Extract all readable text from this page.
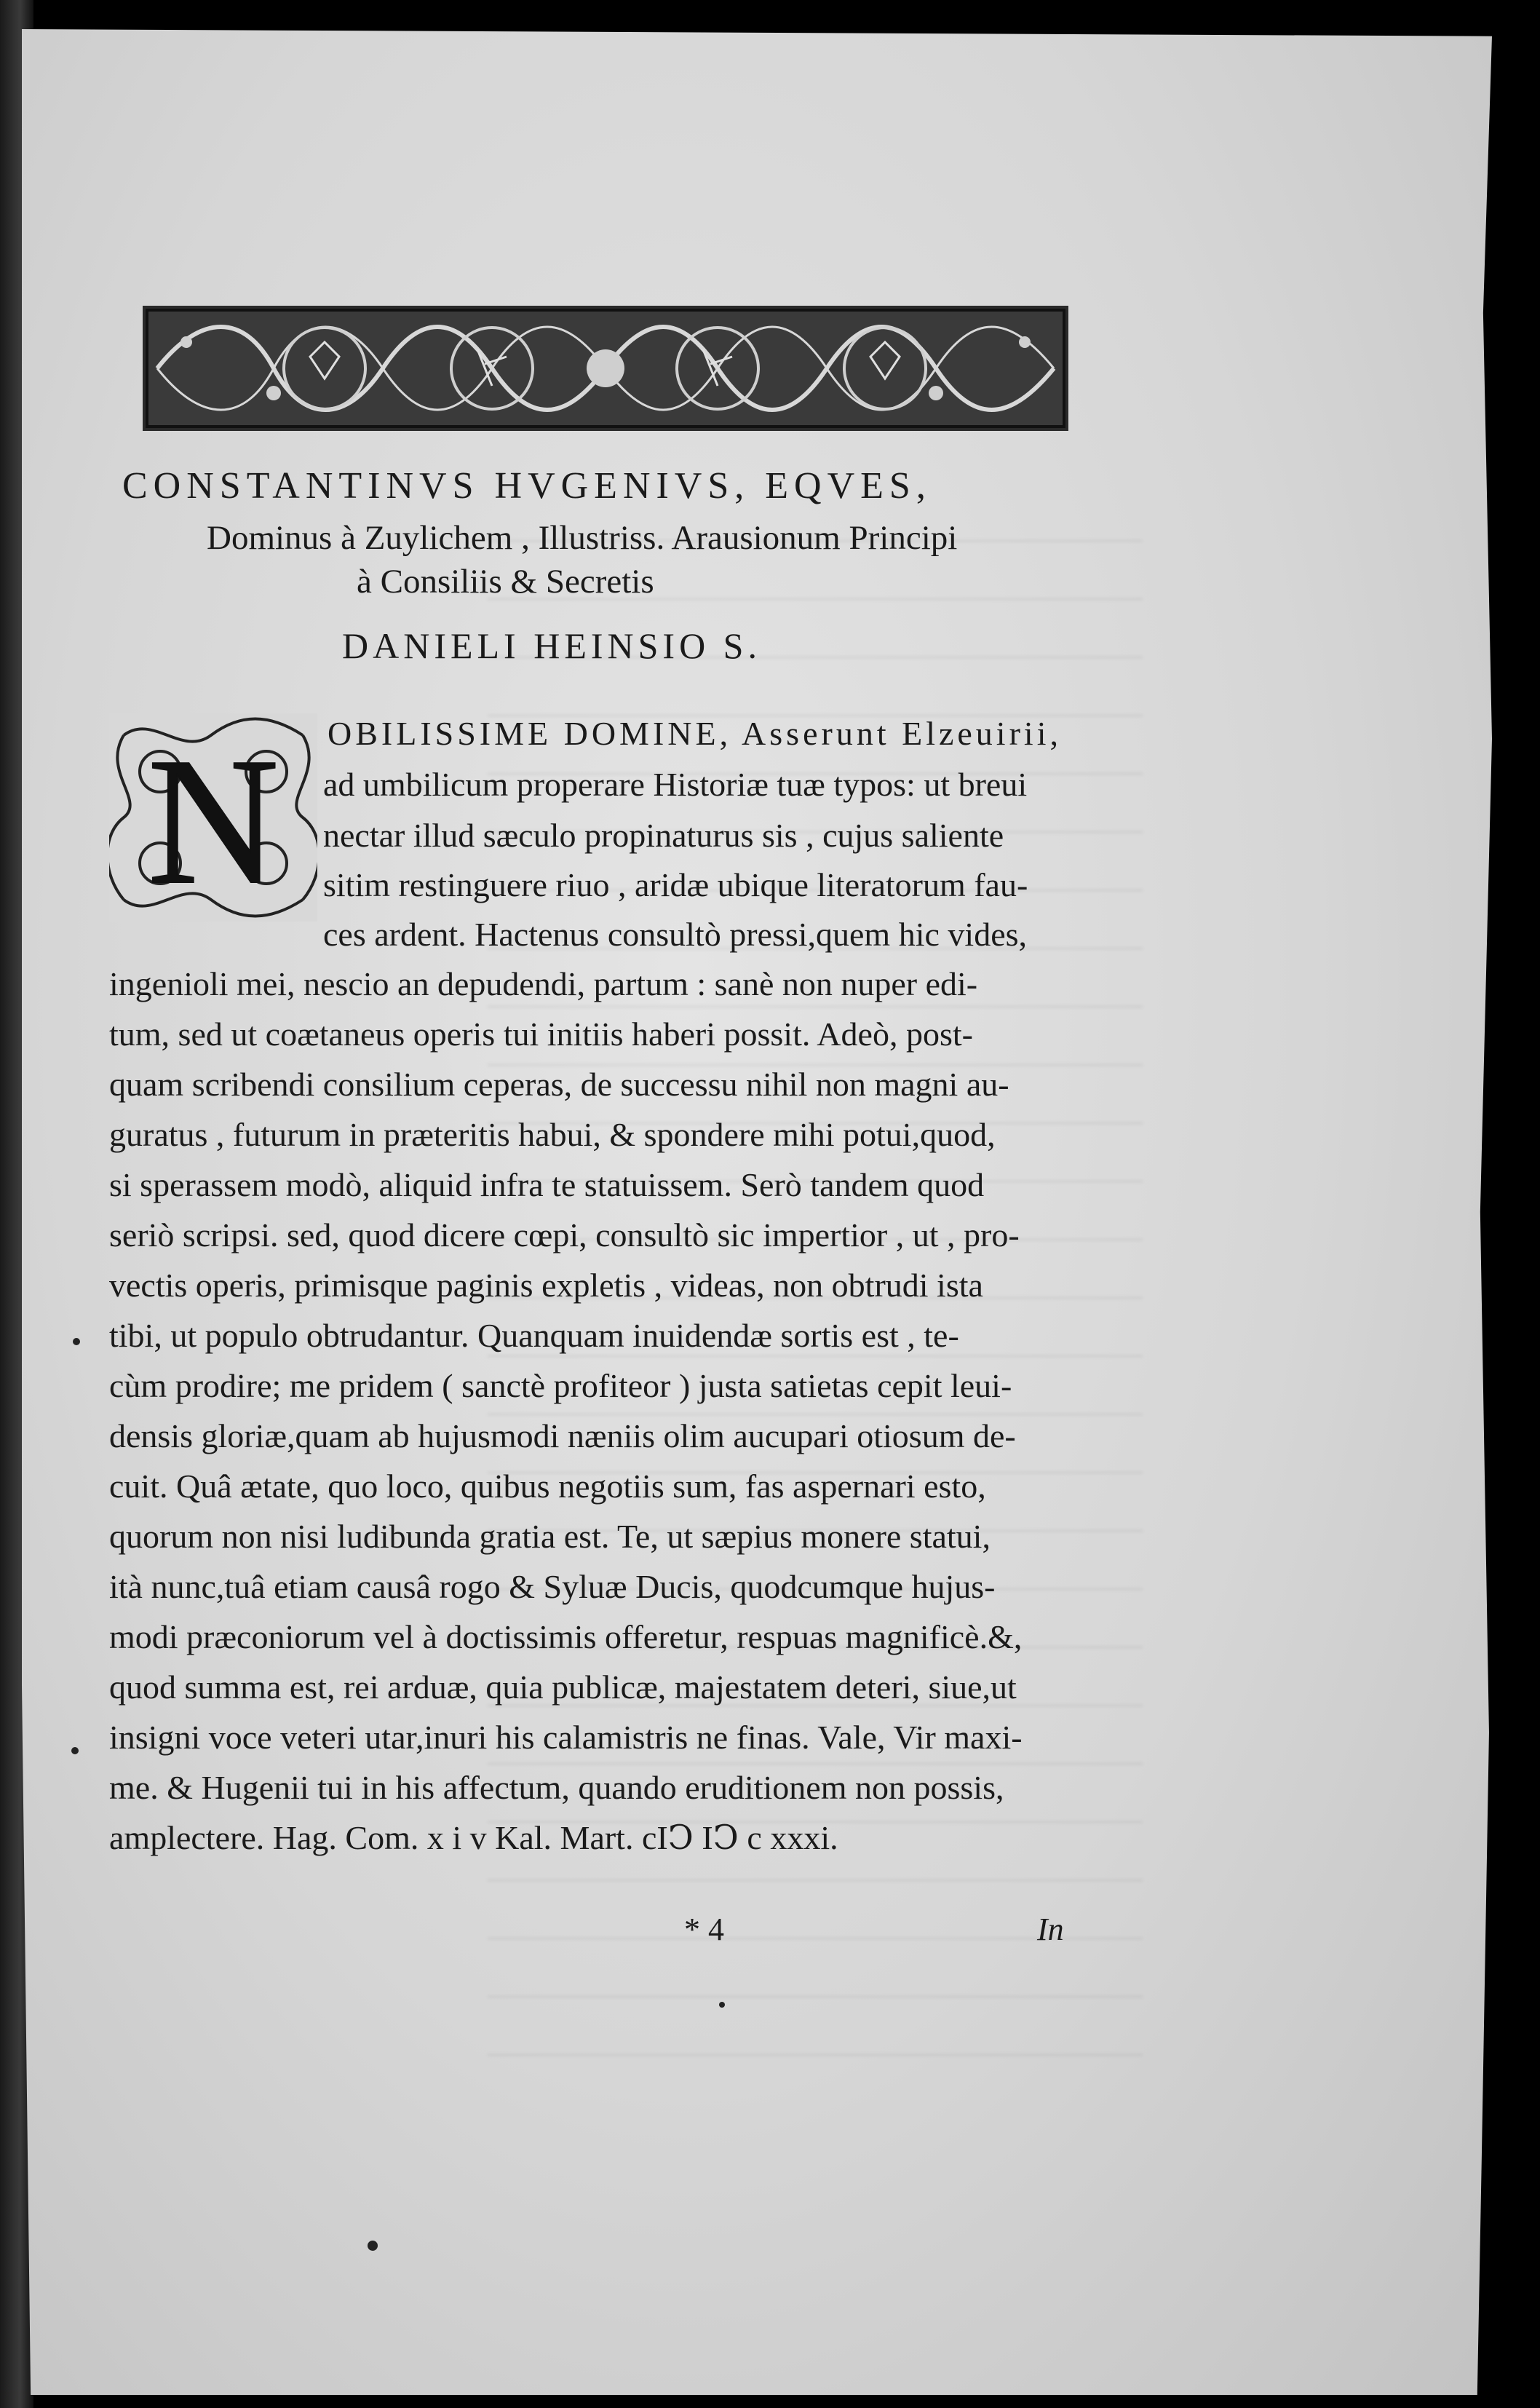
CONSTANTINVS HVGENIVS, EQVES,
Dominus à Zuylichem , Illustriss. Arausionum Principi
à Consiliis & Secretis
DANIELI HEINSIO S.
N OBILISSIME DOMINE, Asserunt Elzeuirii,
ad umbilicum properare Historiæ tuæ typos: ut breui
nectar illud sæculo propinaturus sis , cujus saliente
sitim restinguere riuo , aridæ ubique literatorum fau-
ces ardent. Hactenus consultò pressi,quem hic vides,
ingenioli mei, nescio an depudendi, partum : sanè non nuper edi-
tum, sed ut coætaneus operis tui initiis haberi possit. Adeò, post-
quam scribendi consilium ceperas, de successu nihil non magni au-
guratus , futurum in præteritis habui, & spondere mihi potui,quod,
si sperassem modò, aliquid infra te statuissem. Serò tandem quod
seriò scripsi. sed, quod dicere cœpi, consultò sic impertior , ut , pro-
vectis operis, primisque paginis expletis , videas, non obtrudi ista
tibi, ut populo obtrudantur. Quanquam inuidendæ sortis est , te-
cùm prodire; me pridem ( sanctè profiteor ) justa satietas cepit leui-
densis gloriæ,quam ab hujusmodi næniis olim aucupari otiosum de-
cuit. Quâ ætate, quo loco, quibus negotiis sum, fas aspernari esto,
quorum non nisi ludibunda gratia est. Te, ut sæpius monere statui,
ità nunc,tuâ etiam causâ rogo & Syluæ Ducis, quodcumque hujus-
modi præconiorum vel à doctissimis offeretur, respuas magnificè.&,
quod summa est, rei arduæ, quia publicæ, majestatem deteri, siue,ut
insigni voce veteri utar,inuri his calamistris ne finas. Vale, Vir maxi-
me. & Hugenii tui in his affectum, quando eruditionem non possis,
amplectere. Hag. Com. x i v Kal. Mart. cIↃ IↃ c xxxi.
* 4	In
